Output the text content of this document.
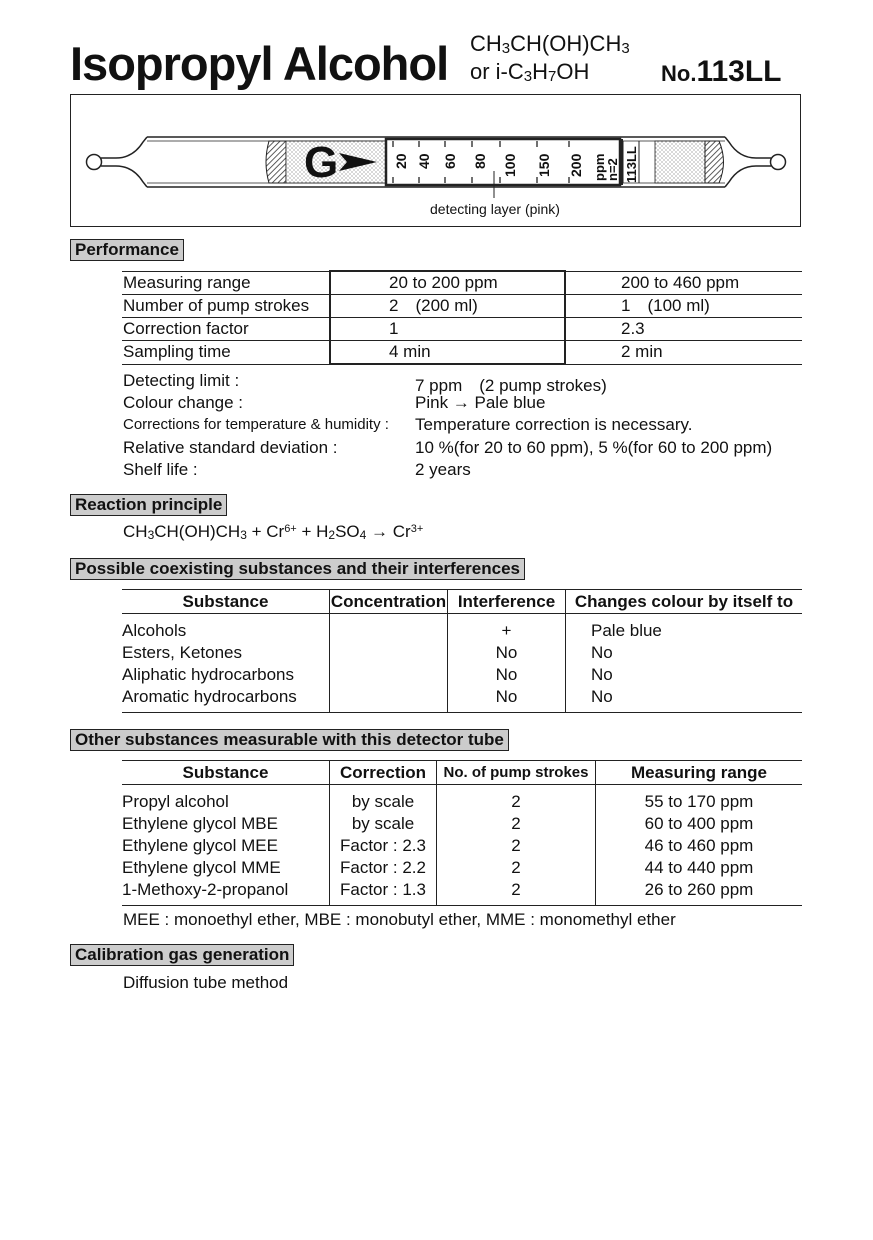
Isopropyl Alcohol $CH_3CH(OH)CH_3$
or $i-C_3H_7OH$	No.113LL
G	20 40 60 80 100 150 200 ppm
n=2 113LL
detecting layer (pink)
Performance
Measuring range	20 to 200 ppm	200 to 460 ppm
Number of pump strokes	2　(200 ml)	1　(100 ml)
Correction factor	1	2.3
Sampling time	4 min	2 min
Detecting limit :	7 ppm　(2 pump strokes)
Colour change :	Pink → Pale blue
Corrections for temperature & humidity : Temperature correction is necessary.
Relative standard deviation :	10 %(for 20 to 60 ppm), 5 %(for 60 to 200 ppm)
Shelf life :	2 years
Reaction principle
$CH_3CH(OH)CH_3 + Cr^{6+} + H_2SO_4 \to Cr^{3+}$
Possible coexisting substances and their interferences
Substance	Concentration	Interference	Changes colour by itself to
Alcohols		+	Pale blue
Esters, Ketones		No	No
Aliphatic hydrocarbons		No	No
Aromatic hydrocarbons		No	No
Other substances measurable with this detector tube
Substance	Correction	No. of pump strokes	Measuring range
Propyl alcohol	by scale	2	55 to 170 ppm
Ethylene glycol MBE	by scale	2	60 to 400 ppm
Ethylene glycol MEE	Factor : 2.3	2	46 to 460 ppm
Ethylene glycol MME	Factor : 2.2	2	44 to 440 ppm
1-Methoxy-2-propanol	Factor : 1.3	2	26 to 260 ppm
MEE : monoethyl ether, MBE : monobutyl ether, MME : monomethyl ether
Calibration gas generation
Diffusion tube method
